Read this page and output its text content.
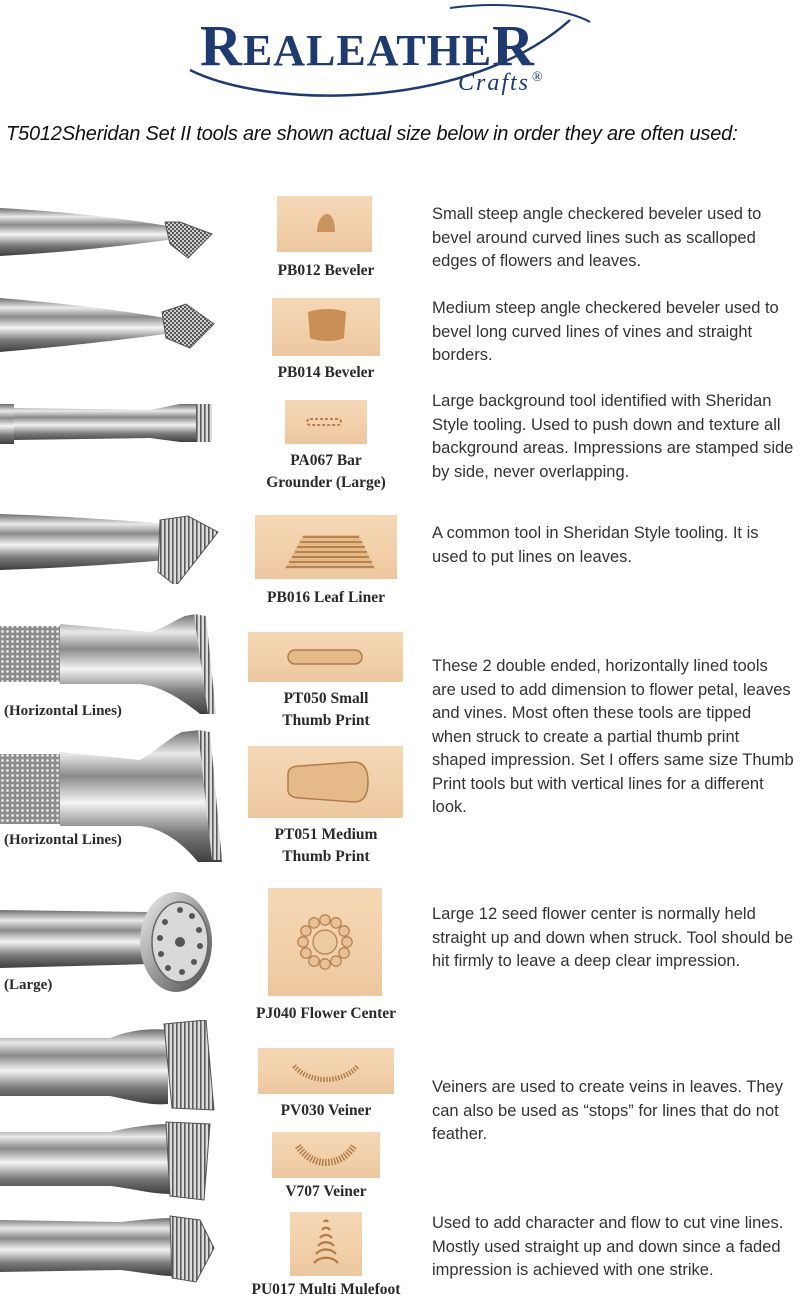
REALEATHER
Crafts ®
T5012Sheridan Set II tools are shown actual size below in order they are often used:
PB012 Beveler
Small steep angle checkered beveler used to bevel around curved lines such as scalloped edges of flowers and leaves.
PB014 Beveler
Medium steep angle checkered beveler used to bevel long curved lines of vines and straight borders.
PA067 Bar
Grounder (Large)
Large background tool identified with Sheridan Style tooling. Used to push down and texture all background areas. Impressions are stamped side by side, never overlapping.
PB016 Leaf Liner
A common tool in Sheridan Style tooling. It is used to put lines on leaves.
(Horizontal Lines)
PT050 Small
Thumb Print
(Horizontal Lines)	PT051 Medium
Thumb Print
These 2 double ended, horizontally lined tools are used to add dimension to flower petal, leaves and vines. Most often these tools are tipped when struck to create a partial thumb print shaped impression. Set I offers same size Thumb Print tools but with vertical lines for a different look.
(Large)
PJ040 Flower Center
Large 12 seed flower center is normally held straight up and down when struck. Tool should be hit firmly to leave a deep clear impression.
PV030 Veiner
Veiners are used to create veins in leaves. They can also be used as “stops” for lines that do not feather.
V707 Veiner
PU017 Multi Mulefoot
Used to add character and flow to cut vine lines. Mostly used straight up and down since a faded impression is achieved with one strike.
